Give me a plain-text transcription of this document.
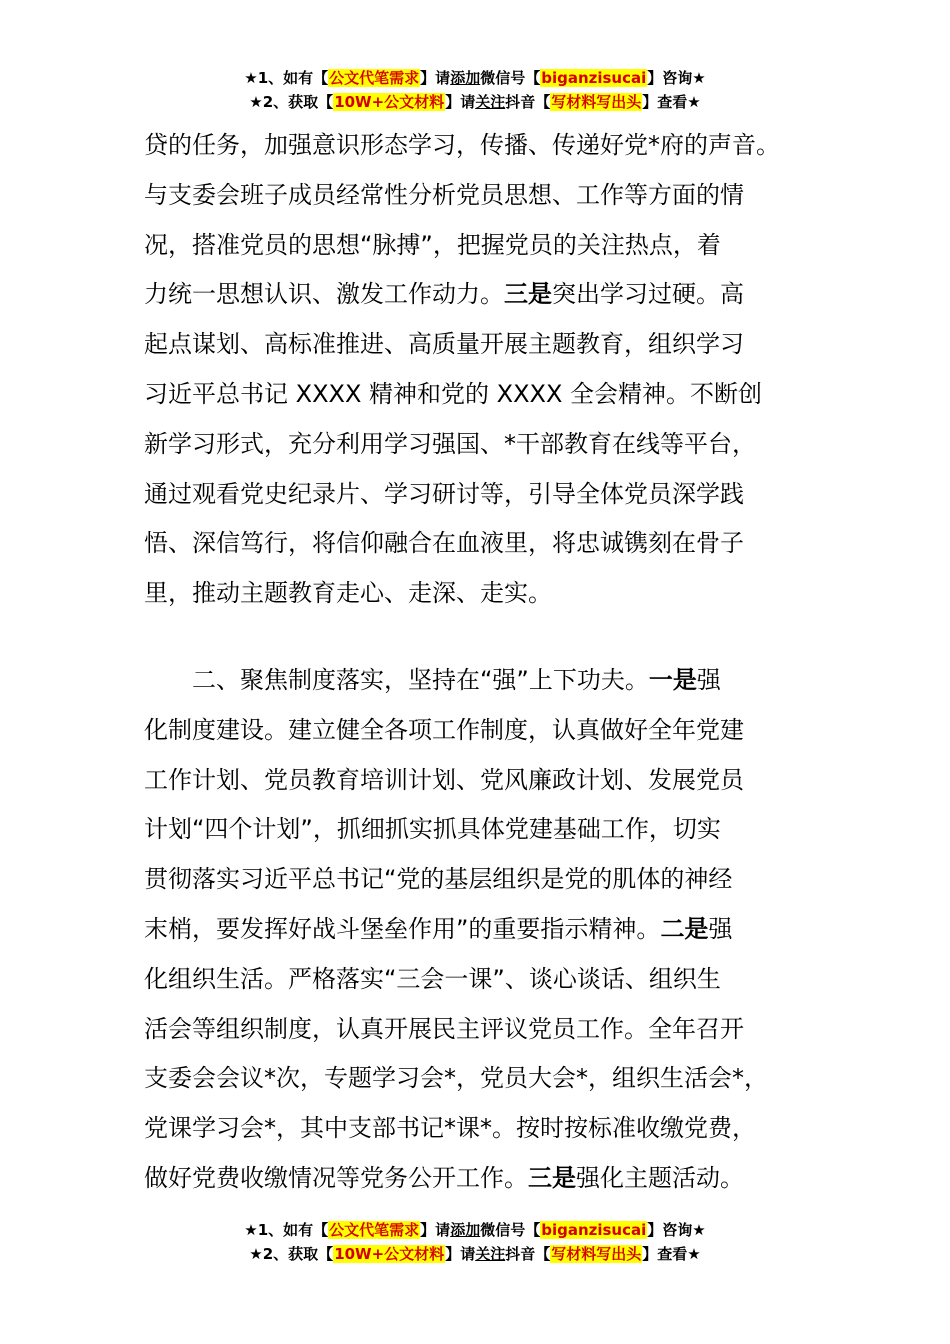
★1、如有【公文代笔需求】请添加微信号【biganzisucai】咨询★
★2、获取【10W+公文材料】请关注抖音【写材料写出头】查看★
贷的任务，加强意识形态学习，传播、传递好党*府的声音。
与支委会班子成员经常性分析党员思想、工作等方面的情
况，搭准党员的思想“脉搏”，把握党员的关注热点，着
力统一思想认识、激发工作动力。三是突出学习过硬。高
起点谋划、高标准推进、高质量开展主题教育，组织学习
习近平总书记 XXXX 精神和党的 XXXX 全会精神。不断创
新学习形式，充分利用学习强国、*干部教育在线等平台，
通过观看党史纪录片、学习研讨等，引导全体党员深学践
悟、深信笃行，将信仰融合在血液里，将忠诚镌刻在骨子
里，推动主题教育走心、走深、走实。
二、聚焦制度落实，坚持在“强”上下功夫。一是强
化制度建设。建立健全各项工作制度，认真做好全年党建
工作计划、党员教育培训计划、党风廉政计划、发展党员
计划“四个计划”，抓细抓实抓具体党建基础工作，切实
贯彻落实习近平总书记“党的基层组织是党的肌体的神经
末梢，要发挥好战斗堡垒作用”的重要指示精神。二是强
化组织生活。严格落实“三会一课”、谈心谈话、组织生
活会等组织制度，认真开展民主评议党员工作。全年召开
支委会会议*次，专题学习会*，党员大会*，组织生活会*，
党课学习会*，其中支部书记*课*。按时按标准收缴党费，
做好党费收缴情况等党务公开工作。三是强化主题活动。
★1、如有【公文代笔需求】请添加微信号【biganzisucai】咨询★
★2、获取【10W+公文材料】请关注抖音【写材料写出头】查看★
